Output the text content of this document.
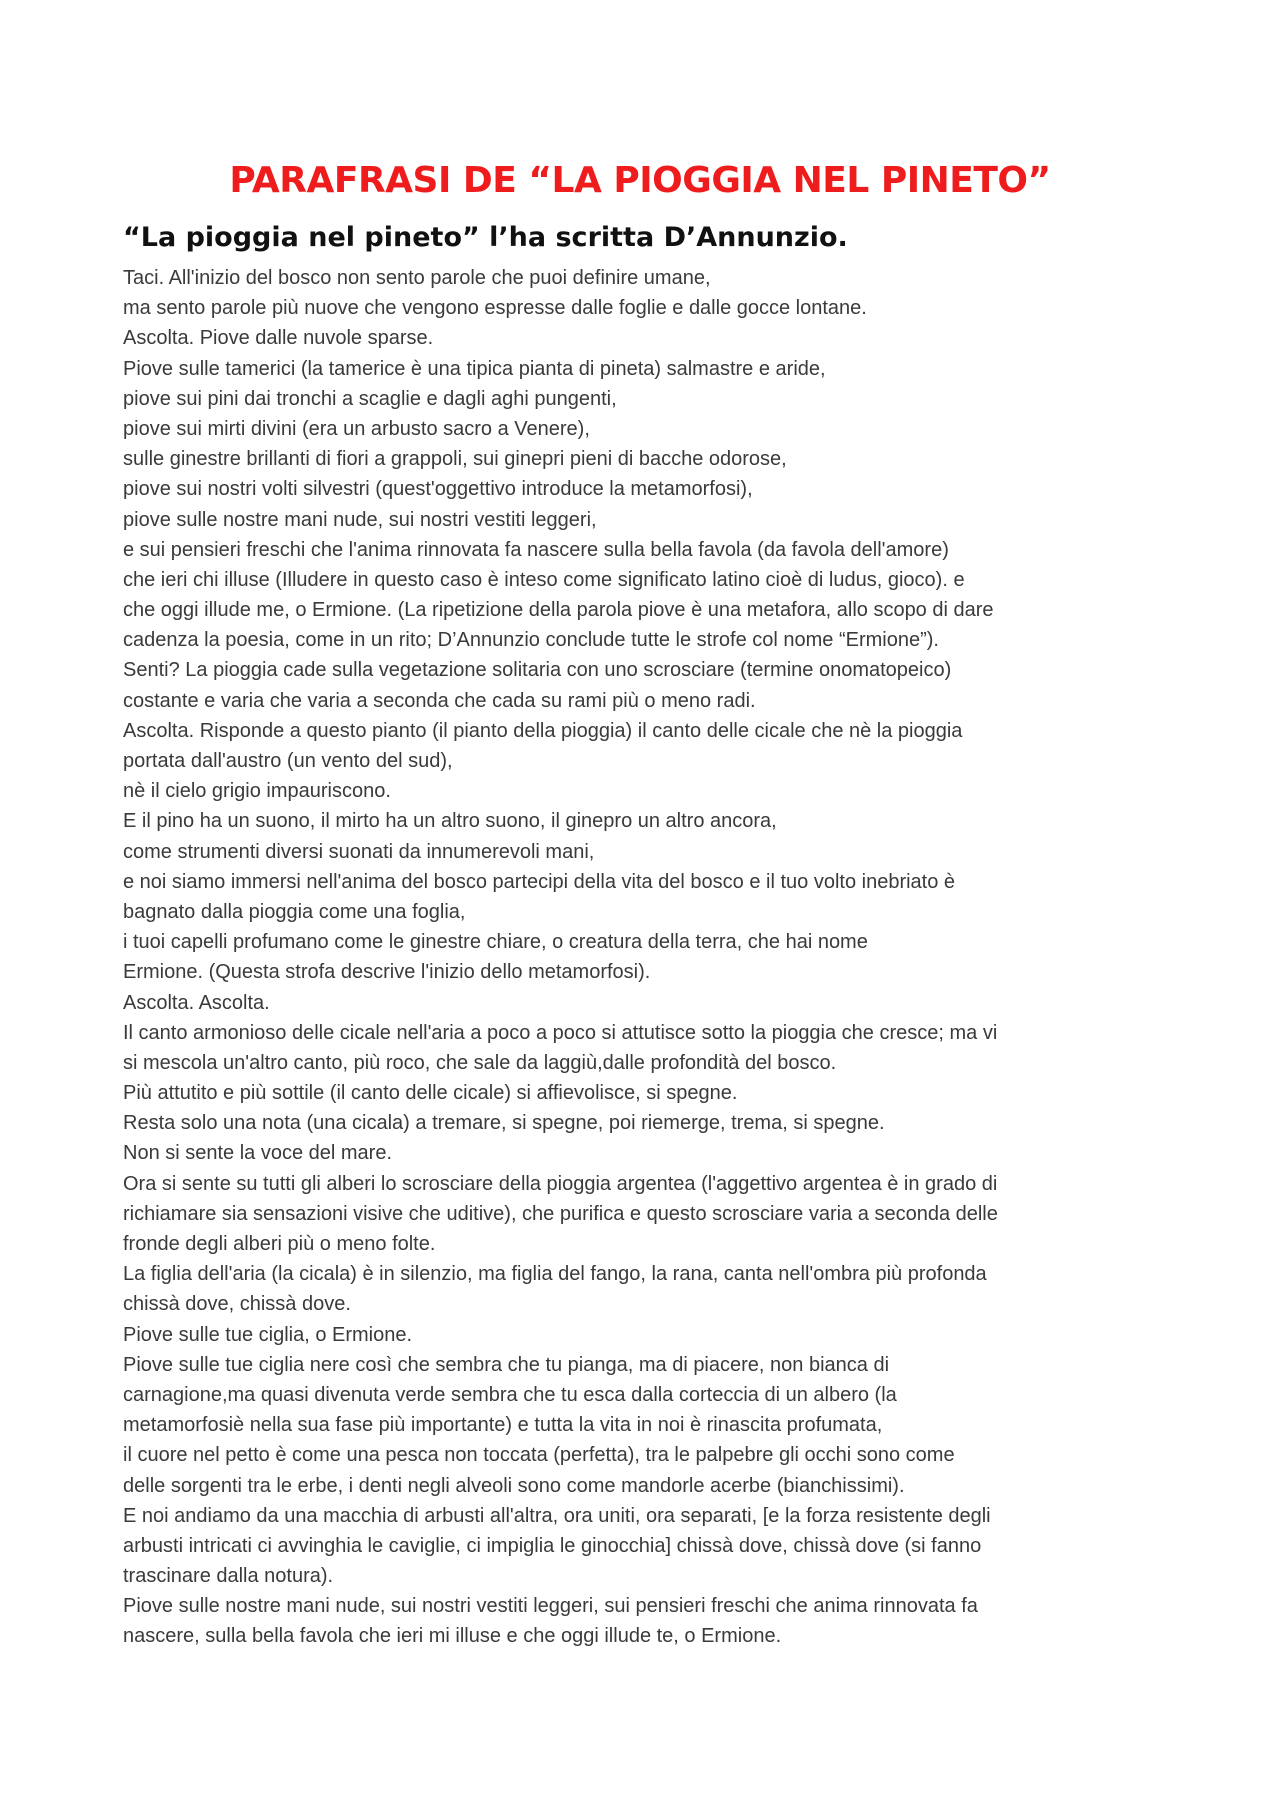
PARAFRASI DE “LA PIOGGIA NEL PINETO”
“La pioggia nel pineto” l’ha scritta D’Annunzio.
Taci. All'inizio del bosco non sento parole che puoi definire umane,
ma sento parole più nuove che vengono espresse dalle foglie e dalle gocce lontane.
Ascolta. Piove dalle nuvole sparse.
Piove sulle tamerici (la tamerice è una tipica pianta di pineta) salmastre e aride,
piove sui pini dai tronchi a scaglie e dagli aghi pungenti,
piove sui mirti divini (era un arbusto sacro a Venere),
sulle ginestre brillanti di fiori a grappoli, sui ginepri pieni di bacche odorose,
piove sui nostri volti silvestri (quest'oggettivo introduce la metamorfosi),
piove sulle nostre mani nude, sui nostri vestiti leggeri,
e sui pensieri freschi che l'anima rinnovata fa nascere sulla bella favola (da favola dell'amore)
che ieri chi illuse (Illudere in questo caso è inteso come significato latino cioè di ludus, gioco). e
che oggi illude me, o Ermione. (La ripetizione della parola piove è una metafora, allo scopo di dare
cadenza la poesia, come in un rito; D’Annunzio conclude tutte le strofe col nome “Ermione”).
Senti? La pioggia cade sulla vegetazione solitaria con uno scrosciare (termine onomatopeico)
costante e varia che varia a seconda che cada su rami più o meno radi.
Ascolta. Risponde a questo pianto (il pianto della pioggia) il canto delle cicale che nè la pioggia
portata dall'austro (un vento del sud),
nè il cielo grigio impauriscono.
E il pino ha un suono, il mirto ha un altro suono, il ginepro un altro ancora,
come strumenti diversi suonati da innumerevoli mani,
e noi siamo immersi nell'anima del bosco partecipi della vita del bosco e il tuo volto inebriato è
bagnato dalla pioggia come una foglia,
i tuoi capelli profumano come le ginestre chiare, o creatura della terra, che hai nome
Ermione. (Questa strofa descrive l'inizio dello metamorfosi).
Ascolta. Ascolta.
Il canto armonioso delle cicale nell'aria a poco a poco si attutisce sotto la pioggia che cresce; ma vi
si mescola un'altro canto, più roco, che sale da laggiù,dalle profondità del bosco.
Più attutito e più sottile (il canto delle cicale) si affievolisce, si spegne.
Resta solo una nota (una cicala) a tremare, si spegne, poi riemerge, trema, si spegne.
Non si sente la voce del mare.
Ora si sente su tutti gli alberi lo scrosciare della pioggia argentea (l'aggettivo argentea è in grado di
richiamare sia sensazioni visive che uditive), che purifica e questo scrosciare varia a seconda delle
fronde degli alberi più o meno folte.
La figlia dell'aria (la cicala) è in silenzio, ma figlia del fango, la rana, canta nell'ombra più profonda
chissà dove, chissà dove.
Piove sulle tue ciglia, o Ermione.
Piove sulle tue ciglia nere così che sembra che tu pianga, ma di piacere, non bianca di
carnagione,ma quasi divenuta verde sembra che tu esca dalla corteccia di un albero (la
metamorfosiè nella sua fase più importante) e tutta la vita in noi è rinascita profumata,
il cuore nel petto è come una pesca non toccata (perfetta), tra le palpebre gli occhi sono come
delle sorgenti tra le erbe, i denti negli alveoli sono come mandorle acerbe (bianchissimi).
E noi andiamo da una macchia di arbusti all'altra, ora uniti, ora separati, [e la forza resistente degli
arbusti intricati ci avvinghia le caviglie, ci impiglia le ginocchia] chissà dove, chissà dove (si fanno
trascinare dalla notura).
Piove sulle nostre mani nude, sui nostri vestiti leggeri, sui pensieri freschi che anima rinnovata fa
nascere, sulla bella favola che ieri mi illuse e che oggi illude te, o Ermione.
